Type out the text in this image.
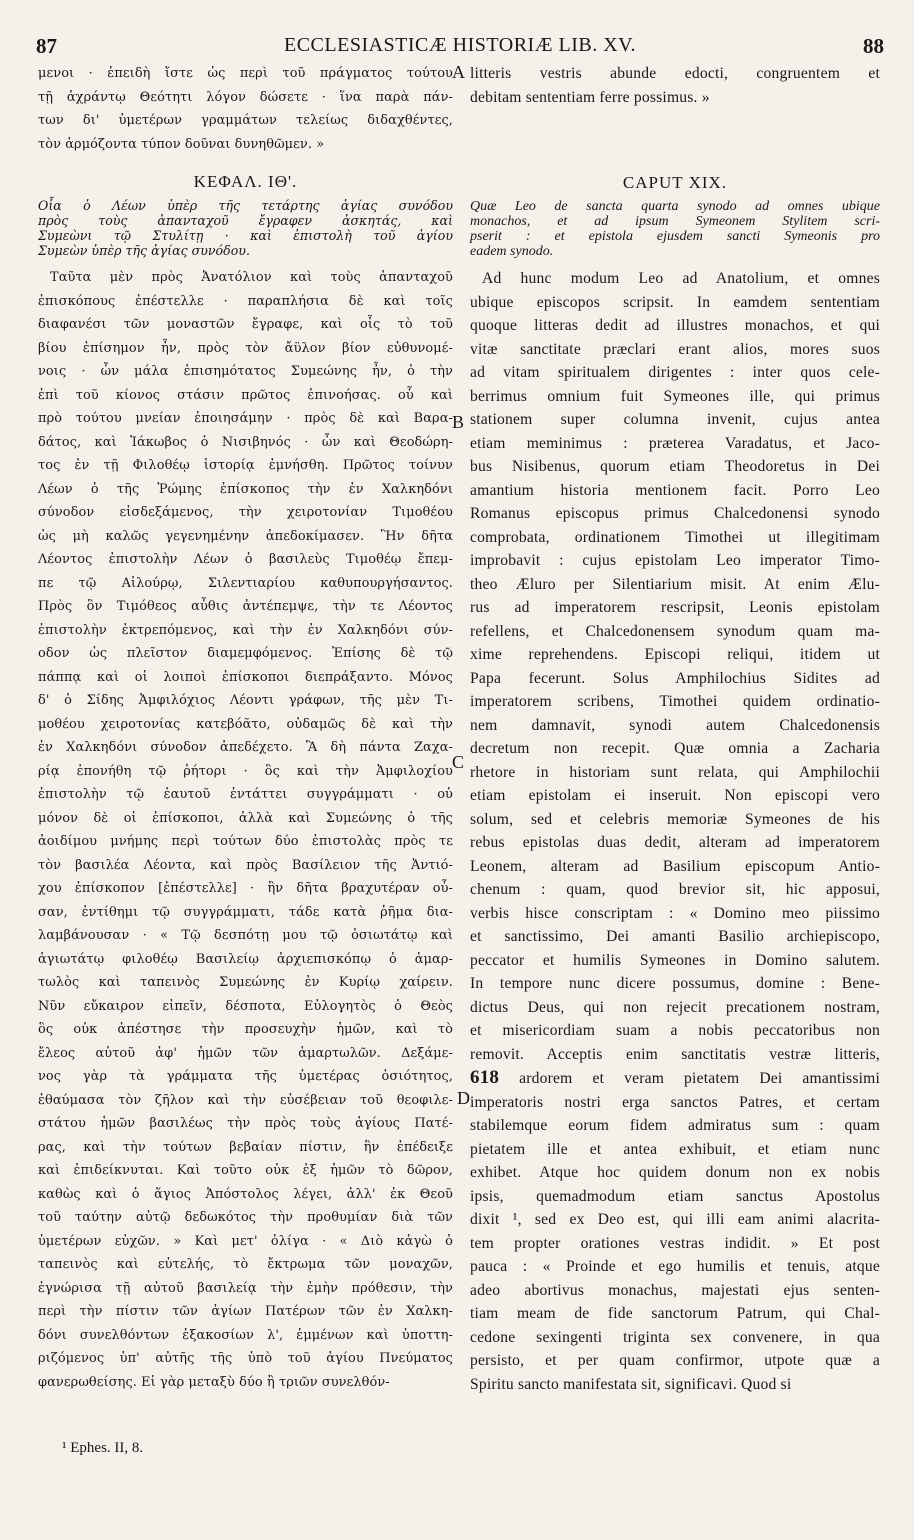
87	ECCLESIASTICÆ HISTORIÆ LIB. XV.	88
A
B
C
D
μενοι · ἐπειδὴ ἴστε ὡς περὶ τοῦ πράγματος τούτου
τῇ ἀχράντῳ Θεότητι λόγον δώσετε · ἵνα παρὰ πάν-
των δι' ὑμετέρων γραμμάτων τελείως διδαχθέντες,
τὸν ἁρμόζοντα τύπον δοῦναι δυνηθῶμεν. »
ΚΕΦΑΛ. ΙΘ'.
Οἷα ὁ Λέων ὑπὲρ τῆς τετάρτης ἁγίας συνόδου
πρὸς τοὺς ἁπανταχοῦ ἔγραφεν ἀσκητάς, καὶ
Συμεὼνι τῷ Στυλίτῃ · καὶ ἐπιστολὴ τοῦ ἁγίου
Συμεὼν ὑπὲρ τῆς ἁγίας συνόδου.
Ταῦτα μὲν πρὸς Ἀνατόλιον καὶ τοὺς ἁπανταχοῦ
ἐπισκόπους ἐπέστελλε · παραπλήσια δὲ καὶ τοῖς
διαφανέσι τῶν μοναστῶν ἔγραφε, καὶ οἷς τὸ τοῦ
βίου ἐπίσημον ἦν, πρὸς τὸν ἄϋλον βίον εὐθυνομέ-
νοις · ὧν μάλα ἐπισημότατος Συμεώνης ἦν, ὁ τὴν
ἐπὶ τοῦ κίονος στάσιν πρῶτος ἐπινοήσας. οὗ καὶ
πρὸ τούτου μνείαν ἐποιησάμην · πρὸς δὲ καὶ Βαρα-
δάτος, καὶ Ἰάκωβος ὁ Νισιβηνός · ὧν καὶ Θεοδώρη-
τος ἐν τῇ Φιλοθέῳ ἱστορίᾳ ἐμνήσθη. Πρῶτος τοίνυν
Λέων ὁ τῆς Ῥώμης ἐπίσκοπος τὴν ἐν Χαλκηδόνι
σύνοδον εἰσδεξάμενος, τὴν χειροτονίαν Τιμοθέου
ὡς μὴ καλῶς γεγενημένην ἀπεδοκίμασεν. Ἣν δῆτα
Λέοντος ἐπιστολὴν Λέων ὁ βασιλεὺς Τιμοθέῳ ἔπεμ-
πε τῷ Αἰλούρῳ, Σιλεντιαρίου καθυπουργήσαντος.
Πρὸς ὃν Τιμόθεος αὖθις ἀντέπεμψε, τὴν τε Λέοντος
ἐπιστολὴν ἐκτρεπόμενος, καὶ τὴν ἐν Χαλκηδόνι σύν-
οδον ὡς πλεῖστον διαμεμφόμενος. Ἐπίσης δὲ τῷ
πάππᾳ καὶ οἱ λοιποὶ ἐπίσκοποι διεπράξαντο. Μόνος
δ' ὁ Σίδης Ἀμφιλόχιος Λέοντι γράφων, τῆς μὲν Τι-
μοθέου χειροτονίας κατεβόᾶτο, οὐδαμῶς δὲ καὶ τὴν
ἐν Χαλκηδόνι σύνοδον ἀπεδέχετο. Ἃ δὴ πάντα Ζαχα-
ρίᾳ ἐπονήθη τῷ ῥήτορι · ὃς καὶ τὴν Ἀμφιλοχίου
ἐπιστολὴν τῷ ἑαυτοῦ ἐντάττει συγγράμματι · οὐ
μόνον δὲ οἱ ἐπίσκοποι, ἀλλὰ καὶ Συμεώνης ὁ τῆς
ἀοιδίμου μνήμης περὶ τούτων δύο ἐπιστολὰς πρὸς τε
τὸν βασιλέα Λέοντα, καὶ πρὸς Βασίλειον τῆς Ἀντιό-
χου ἐπίσκοπον [ἐπέστελλε] · ἣν δῆτα βραχυτέραν οὖ-
σαν, ἐντίθημι τῷ συγγράμματι, τάδε κατὰ ῥῆμα δια-
λαμβάνουσαν · « Τῷ δεσπότῃ μου τῷ ὁσιωτάτῳ καὶ
ἁγιωτάτῳ φιλοθέῳ Βασιλείῳ ἀρχιεπισκόπῳ ὁ ἁμαρ-
τωλὸς καὶ ταπεινὸς Συμεώνης ἐν Κυρίῳ χαίρειν.
Νῦν εὔκαιρον εἰπεῖν, δέσποτα, Εὐλογητὸς ὁ Θεὸς
ὃς οὐκ ἀπέστησε τὴν προσευχὴν ἡμῶν, καὶ τὸ
ἔλεος αὐτοῦ ἀφ' ἡμῶν τῶν ἁμαρτωλῶν. Δεξάμε-
νος γὰρ τὰ γράμματα τῆς ὑμετέρας ὁσιότητος,
ἐθαύμασα τὸν ζῆλον καὶ τὴν εὐσέβειαν τοῦ θεοφιλε-
στάτου ἡμῶν βασιλέως τὴν πρὸς τοὺς ἁγίους Πατέ-
ρας, καὶ τὴν τούτων βεβαίαν πίστιν, ἣν ἐπέδειξε
καὶ ἐπιδείκνυται. Καὶ τοῦτο οὐκ ἐξ ἡμῶν τὸ δῶρον,
καθὼς καὶ ὁ ἅγιος Ἀπόστολος λέγει, ἀλλ' ἐκ Θεοῦ
τοῦ ταύτην αὐτῷ δεδωκότος τὴν προθυμίαν διὰ τῶν
ὑμετέρων εὐχῶν. » Καὶ μετ' ὀλίγα · « Διὸ κἀγὼ ὁ
ταπεινὸς καὶ εὐτελής, τὸ ἔκτρωμα τῶν μοναχῶν,
ἐγνώρισα τῇ αὐτοῦ βασιλείᾳ τὴν ἐμὴν πρόθεσιν, τὴν
περὶ τὴν πίστιν τῶν ἁγίων Πατέρων τῶν ἐν Χαλκη-
δόνι συνελθόντων ἑξακοσίων λ', ἐμμένων καὶ ὑποττη-
ριζόμενος ὑπ' αὐτῆς τῆς ὑπὸ τοῦ ἁγίου Πνεύματος
φανερωθείσης. Εἰ γὰρ μεταξὺ δύο ἢ τριῶν συνελθόν-
litteris vestris abunde edocti, congruentem et
debitam sententiam ferre possimus. »
CAPUT XIX.
Quæ Leo de sancta quarta synodo ad omnes ubique
monachos, et ad ipsum Symeonem Stylitem scri-
pserit : et epistola ejusdem sancti Symeonis pro
eadem synodo.
Ad hunc modum Leo ad Anatolium, et omnes
ubique episcopos scripsit. In eamdem sententiam
quoque litteras dedit ad illustres monachos, et qui
vitæ sanctitate præclari erant alios, mores suos
ad vitam spiritualem dirigentes : inter quos cele-
berrimus omnium fuit Symeones ille, qui primus
stationem super columna invenit, cujus antea
etiam meminimus : præterea Varadatus, et Jaco-
bus Nisibenus, quorum etiam Theodoretus in Dei
amantium historia mentionem facit. Porro Leo
Romanus episcopus primus Chalcedonensi synodo
comprobata, ordinationem Timothei ut illegitimam
improbavit : cujus epistolam Leo imperator Timo-
theo Æluro per Silentiarium misit. At enim Ælu-
rus ad imperatorem rescripsit, Leonis epistolam
refellens, et Chalcedonensem synodum quam ma-
xime reprehendens. Episcopi reliqui, itidem ut
Papa fecerunt. Solus Amphilochius Sidites ad
imperatorem scribens, Timothei quidem ordinatio-
nem damnavit, synodi autem Chalcedonensis
decretum non recepit. Quæ omnia a Zacharia
rhetore in historiam sunt relata, qui Amphilochii
etiam epistolam ei inseruit. Non episcopi vero
solum, sed et celebris memoriæ Symeones de his
rebus epistolas duas dedit, alteram ad imperatorem
Leonem, alteram ad Basilium episcopum Antio-
chenum : quam, quod brevior sit, hic apposui,
verbis hisce conscriptam : « Domino meo piissimo
et sanctissimo, Dei amanti Basilio archiepiscopo,
peccator et humilis Symeones in Domino salutem.
In tempore nunc dicere possumus, domine : Bene-
dictus Deus, qui non rejecit precationem nostram,
et misericordiam suam a nobis peccatoribus non
removit. Acceptis enim sanctitatis vestræ litteris,
618 ardorem et veram pietatem Dei amantissimi
imperatoris nostri erga sanctos Patres, et certam
stabilemque eorum fidem admiratus sum : quam
pietatem ille et antea exhibuit, et etiam nunc
exhibet. Atque hoc quidem donum non ex nobis
ipsis, quemadmodum etiam sanctus Apostolus
dixit ¹, sed ex Deo est, qui illi eam animi alacrita-
tem propter orationes vestras indidit. » Et post
pauca : « Proinde et ego humilis et tenuis, atque
adeo abortivus monachus, majestati ejus senten-
tiam meam de fide sanctorum Patrum, qui Chal-
cedone sexingenti triginta sex convenere, in qua
persisto, et per quam confirmor, utpote quæ a
Spiritu sancto manifestata sit, significavi. Quod si
¹ Ephes. II, 8.
